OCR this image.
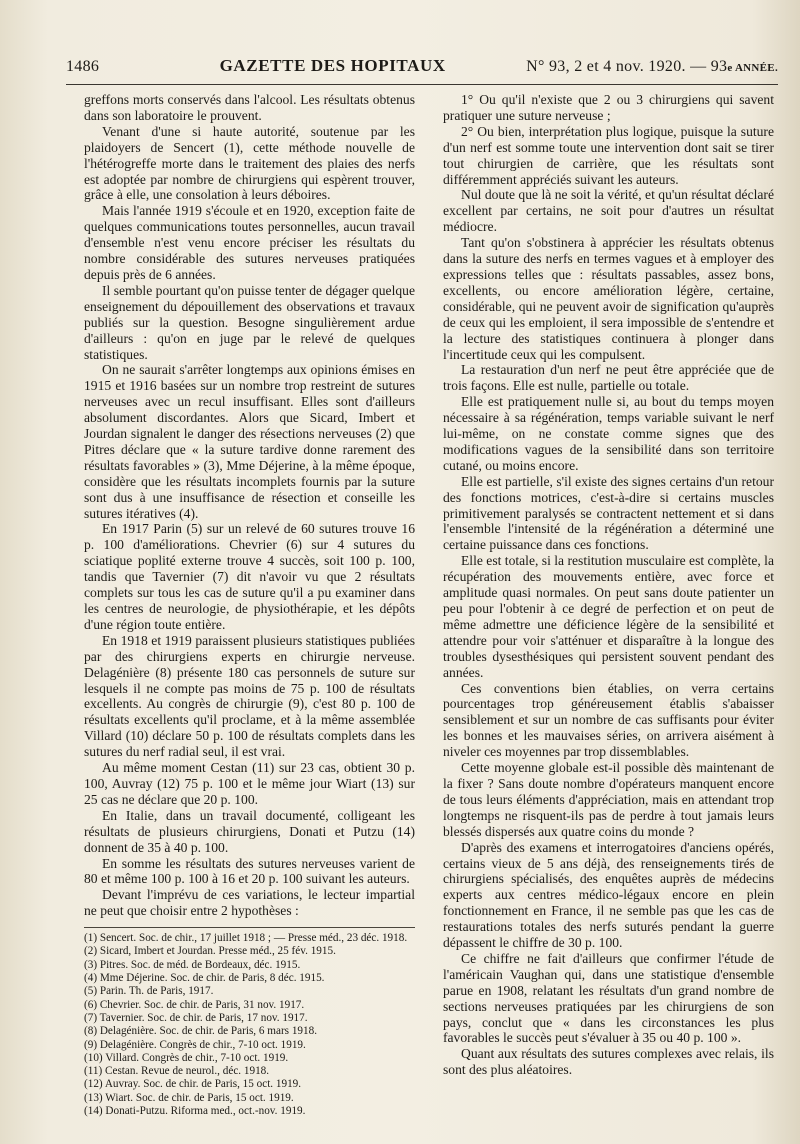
1486	GAZETTE DES HOPITAUX	N° 93, 2 et 4 nov. 1920. — 93e ANNÉE.

greffons morts conservés dans l'alcool. Les résultats obtenus dans son laboratoire le prouvent.

Venant d'une si haute autorité, soutenue par les plaidoyers de Sencert (1), cette méthode nouvelle de l'hétérogreffe morte dans le traitement des plaies des nerfs est adoptée par nombre de chirurgiens qui espèrent trouver, grâce à elle, une consolation à leurs déboires.

Mais l'année 1919 s'écoule et en 1920, exception faite de quelques communications toutes personnelles, aucun travail d'ensemble n'est venu encore préciser les résultats du nombre considérable des sutures nerveuses pratiquées depuis près de 6 années.

Il semble pourtant qu'on puisse tenter de dégager quelque enseignement du dépouillement des observations et travaux publiés sur la question. Besogne singulièrement ardue d'ailleurs : qu'on en juge par le relevé de quelques statistiques.

On ne saurait s'arrêter longtemps aux opinions émises en 1915 et 1916 basées sur un nombre trop restreint de sutures nerveuses avec un recul insuffisant. Elles sont d'ailleurs absolument discordantes. Alors que Sicard, Imbert et Jourdan signalent le danger des résections nerveuses (2) que Pitres déclare que « la suture tardive donne rarement des résultats favorables » (3), Mme Déjerine, à la même époque, considère que les résultats incomplets fournis par la suture sont dus à une insuffisance de résection et conseille les sutures itératives (4).

En 1917 Parin (5) sur un relevé de 60 sutures trouve 16 p. 100 d'améliorations. Chevrier (6) sur 4 sutures du sciatique poplité externe trouve 4 succès, soit 100 p. 100, tandis que Tavernier (7) dit n'avoir vu que 2 résultats complets sur tous les cas de suture qu'il a pu examiner dans les centres de neurologie, de physiothérapie, et les dépôts d'une région toute entière.

En 1918 et 1919 paraissent plusieurs statistiques publiées par des chirurgiens experts en chirurgie nerveuse. Delagénière (8) présente 180 cas personnels de suture sur lesquels il ne compte pas moins de 75 p. 100 de résultats excellents. Au congrès de chirurgie (9), c'est 80 p. 100 de résultats excellents qu'il proclame, et à la même assemblée Villard (10) déclare 50 p. 100 de résultats complets dans les sutures du nerf radial seul, il est vrai.

Au même moment Cestan (11) sur 23 cas, obtient 30 p. 100, Auvray (12) 75 p. 100 et le même jour Wiart (13) sur 25 cas ne déclare que 20 p. 100.

En Italie, dans un travail documenté, colligeant les résultats de plusieurs chirurgiens, Donati et Putzu (14) donnent de 35 à 40 p. 100.

En somme les résultats des sutures nerveuses varient de 80 et même 100 p. 100 à 16 et 20 p. 100 suivant les auteurs.

Devant l'imprévu de ces variations, le lecteur impartial ne peut que choisir entre 2 hypothèses :

(1) Sencert. Soc. de chir., 17 juillet 1918 ; — Presse méd., 23 déc. 1918.
(2) Sicard, Imbert et Jourdan. Presse méd., 25 fév. 1915.
(3) Pitres. Soc. de méd. de Bordeaux, déc. 1915.
(4) Mme Déjerine. Soc. de chir. de Paris, 8 déc. 1915.
(5) Parin. Th. de Paris, 1917.
(6) Chevrier. Soc. de chir. de Paris, 31 nov. 1917.
(7) Tavernier. Soc. de chir. de Paris, 17 nov. 1917.
(8) Delagénière. Soc. de chir. de Paris, 6 mars 1918.
(9) Delagénière. Congrès de chir., 7-10 oct. 1919.
(10) Villard. Congrès de chir., 7-10 oct. 1919.
(11) Cestan. Revue de neurol., déc. 1918.
(12) Auvray. Soc. de chir. de Paris, 15 oct. 1919.
(13) Wiart. Soc. de chir. de Paris, 15 oct. 1919.
(14) Donati-Putzu. Riforma med., oct.-nov. 1919.

1° Ou qu'il n'existe que 2 ou 3 chirurgiens qui savent pratiquer une suture nerveuse ;

2° Ou bien, interprétation plus logique, puisque la suture d'un nerf est somme toute une intervention dont sait se tirer tout chirurgien de carrière, que les résultats sont différemment appréciés suivant les auteurs.

Nul doute que là ne soit la vérité, et qu'un résultat déclaré excellent par certains, ne soit pour d'autres un résultat médiocre.

Tant qu'on s'obstinera à apprécier les résultats obtenus dans la suture des nerfs en termes vagues et à employer des expressions telles que : résultats passables, assez bons, excellents, ou encore amélioration légère, certaine, considérable, qui ne peuvent avoir de signification qu'auprès de ceux qui les emploient, il sera impossible de s'entendre et la lecture des statistiques continuera à plonger dans l'incertitude ceux qui les compulsent.

La restauration d'un nerf ne peut être appréciée que de trois façons. Elle est nulle, partielle ou totale.

Elle est pratiquement nulle si, au bout du temps moyen nécessaire à sa régénération, temps variable suivant le nerf lui-même, on ne constate comme signes que des modifications vagues de la sensibilité dans son territoire cutané, ou moins encore.

Elle est partielle, s'il existe des signes certains d'un retour des fonctions motrices, c'est-à-dire si certains muscles primitivement paralysés se contractent nettement et si dans l'ensemble l'intensité de la régénération a déterminé une certaine puissance dans ces fonctions.

Elle est totale, si la restitution musculaire est complète, la récupération des mouvements entière, avec force et amplitude quasi normales. On peut sans doute patienter un peu pour l'obtenir à ce degré de perfection et on peut de même admettre une déficience légère de la sensibilité et attendre pour voir s'atténuer et disparaître à la longue des troubles dysesthésiques qui persistent souvent pendant des années.

Ces conventions bien établies, on verra certains pourcentages trop généreusement établis s'abaisser sensiblement et sur un nombre de cas suffisants pour éviter les bonnes et les mauvaises séries, on arrivera aisément à niveler ces moyennes par trop dissemblables.

Cette moyenne globale est-il possible dès maintenant de la fixer ? Sans doute nombre d'opérateurs manquent encore de tous leurs éléments d'appréciation, mais en attendant trop longtemps ne risquent-ils pas de perdre à tout jamais leurs blessés dispersés aux quatre coins du monde ?

D'après des examens et interrogatoires d'anciens opérés, certains vieux de 5 ans déjà, des renseignements tirés de chirurgiens spécialisés, des enquêtes auprès de médecins experts aux centres médico-légaux encore en plein fonctionnement en France, il ne semble pas que les cas de restaurations totales des nerfs suturés pendant la guerre dépassent le chiffre de 30 p. 100.

Ce chiffre ne fait d'ailleurs que confirmer l'étude de l'américain Vaughan qui, dans une statistique d'ensemble parue en 1908, relatant les résultats d'un grand nombre de sections nerveuses pratiquées par les chirurgiens de son pays, conclut que « dans les circonstances les plus favorables le succès peut s'évaluer à 35 ou 40 p. 100 ».

Quant aux résultats des sutures complexes avec relais, ils sont des plus aléatoires.
